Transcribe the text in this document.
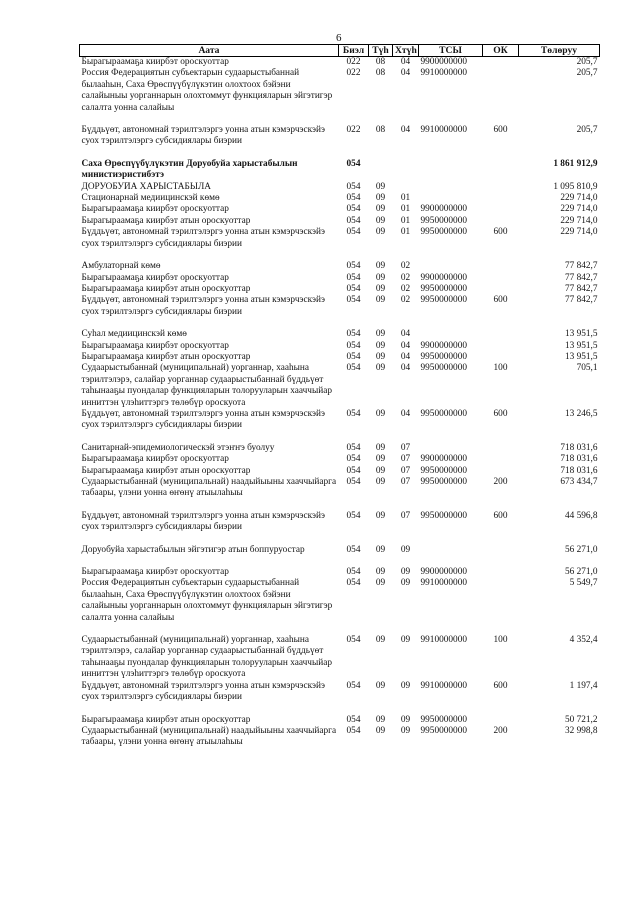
6
Аата	Биэл	Түһ	Хтүһ	ТСЫ	ОК	Төлөруу
Бырагыраамаҕа киирбэт ороскуоттар	022	08	04	9900000000		205,7
Россия Федерациятын субъектарын судаарыстыбаннай былааһын, Саха Өрөспүүбүлүкэтин олохтоох бэйэни салайыныы уорганнарын олохтоммут функцияларын эйгэтигэр салалта уонна салайыы	022	08	04	9910000000		205,7

Бүддьүөт, автономнай тэрилтэлэргэ уонна атын кэмэрчэскэйэ суох тэрилтэлэргэ субсидиялары биэрии	022	08	04	9910000000	600	205,7

Саха Өрөспүүбүлүкэтин Доруобуйа харыстабылын министиэристибэтэ	054					1 861 912,9
ДОРУОБУЙА ХАРЫСТАБЫЛА	054	09				1 095 810,9
Стационарнай медиицинскэй көмө	054	09	01			229 714,0
Бырагыраамаҕа киирбэт ороскуоттар	054	09	01	9900000000		229 714,0
Бырагыраамаҕа киирбэт атын ороскуоттар	054	09	01	9950000000		229 714,0
Бүддьүөт, автономнай тэрилтэлэргэ уонна атын кэмэрчэскэйэ суох тэрилтэлэргэ субсидиялары биэрии	054	09	01	9950000000	600	229 714,0

Амбулаторнай көмө	054	09	02			77 842,7
Бырагыраамаҕа киирбэт ороскуоттар	054	09	02	9900000000		77 842,7
Бырагыраамаҕа киирбэт атын ороскуоттар	054	09	02	9950000000		77 842,7
Бүддьүөт, автономнай тэрилтэлэргэ уонна атын кэмэрчэскэйэ суох тэрилтэлэргэ субсидиялары биэрии	054	09	02	9950000000	600	77 842,7

Суһал медиицинскэй көмө	054	09	04			13 951,5
Бырагыраамаҕа киирбэт ороскуоттар	054	09	04	9900000000		13 951,5
Бырагыраамаҕа киирбэт атын ороскуоттар	054	09	04	9950000000		13 951,5
Судаарыстыбаннай (муниципальнай) уорганнар, хааһына тэрилтэлэрэ, салайар уорганнар судаарыстыбаннай бүддьүөт таһынааҕы пуондалар функцияларын толорууларын хааччыйар инниттэн үлэһиттэргэ төлөбүр ороскуота	054	09	04	9950000000	100	705,1
Бүддьүөт, автономнай тэрилтэлэргэ уонна атын кэмэрчэскэйэ суох тэрилтэлэргэ субсидиялары биэрии	054	09	04	9950000000	600	13 246,5

Санитарнай-эпидемиологическэй этэҥҥэ буолуу	054	09	07			718 031,6
Бырагыраамаҕа киирбэт ороскуоттар	054	09	07	9900000000		718 031,6
Бырагыраамаҕа киирбэт атын ороскуоттар	054	09	07	9950000000		718 031,6
Судаарыстыбаннай (муниципальнай) наадыйыыны хааччыйарга табаары, үлэни уонна өҥөнү атыылаһыы	054	09	07	9950000000	200	673 434,7

Бүддьүөт, автономнай тэрилтэлэргэ уонна атын кэмэрчэскэйэ суох тэрилтэлэргэ субсидиялары биэрии	054	09	07	9950000000	600	44 596,8

Доруобуйа харыстабылын эйгэтигэр атын боппуруостар	054	09	09			56 271,0

Бырагыраамаҕа киирбэт ороскуоттар	054	09	09	9900000000		56 271,0
Россия Федерациятын субъектарын судаарыстыбаннай былааһын, Саха Өрөспүүбүлүкэтин олохтоох бэйэни салайыныы уорганнарын олохтоммут функцияларын эйгэтигэр салалта уонна салайыы	054	09	09	9910000000		5 549,7

Судаарыстыбаннай (муниципальнай) уорганнар, хааһына тэрилтэлэрэ, салайар уорганнар судаарыстыбаннай бүддьүөт таһынааҕы пуондалар функцияларын толорууларын хааччыйар инниттэн үлэһиттэргэ төлөбүр ороскуота	054	09	09	9910000000	100	4 352,4
Бүддьүөт, автономнай тэрилтэлэргэ уонна атын кэмэрчэскэйэ суох тэрилтэлэргэ субсидиялары биэрии	054	09	09	9910000000	600	1 197,4

Бырагыраамаҕа киирбэт атын ороскуоттар	054	09	09	9950000000		50 721,2
Судаарыстыбаннай (муниципальнай) наадыйыыны хааччыйарга табаары, үлэни уонна өҥөнү атыылаһыы	054	09	09	9950000000	200	32 998,8
